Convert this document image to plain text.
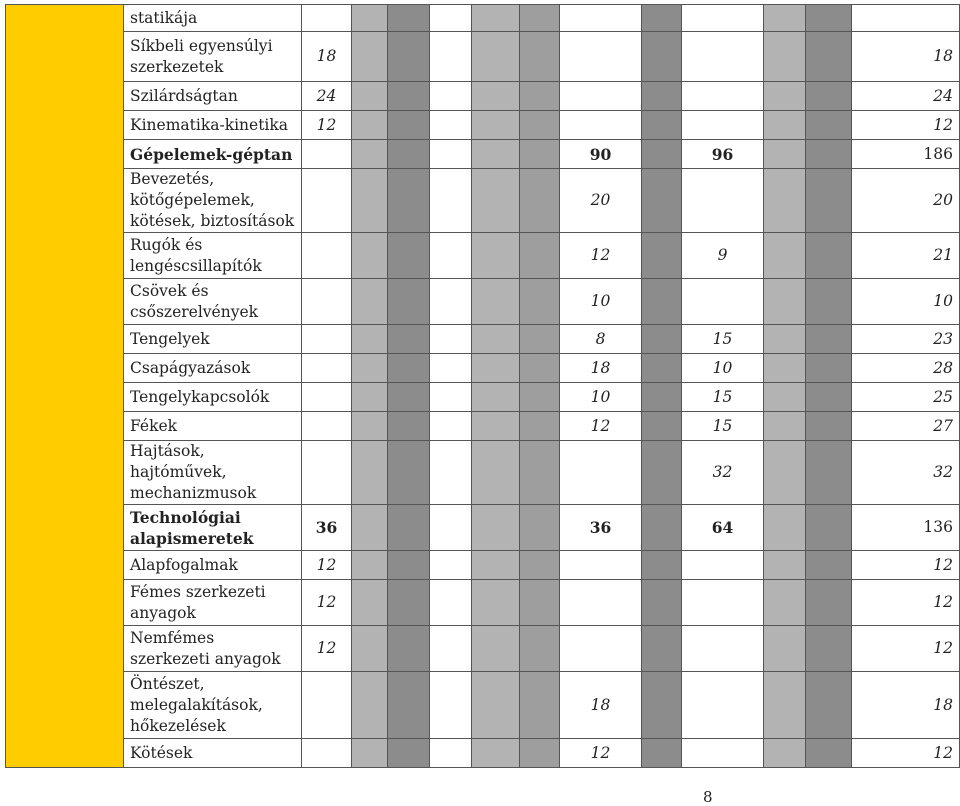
	statikája												
	Síkbeli egyensúlyi szerkezetek	18											18
	Szilárdságtan	24											24
	Kinematika-kinetika	12											12
	Gépelemek-géptan							90		96			186
	Bevezetés, kötőgépelemek, kötések, biztosítások							20					20
	Rugók és lengéscsillapítók							12		9			21
	Csövek és csőszerelvények							10					10
	Tengelyek							8		15			23
	Csapágyazások							18		10			28
	Tengelykapcsolók							10		15			25
	Fékek							12		15			27
	Hajtások, hajtóművek, mechanizmusok									32			32
	Technológiai alapismeretek	36						36		64			136
	Alapfogalmak	12											12
	Fémes szerkezeti anyagok	12											12
	Nemfémes szerkezeti anyagok	12											12
	Öntészet, melegalakítások, hőkezelések							18					18
	Kötések							12					12
8
